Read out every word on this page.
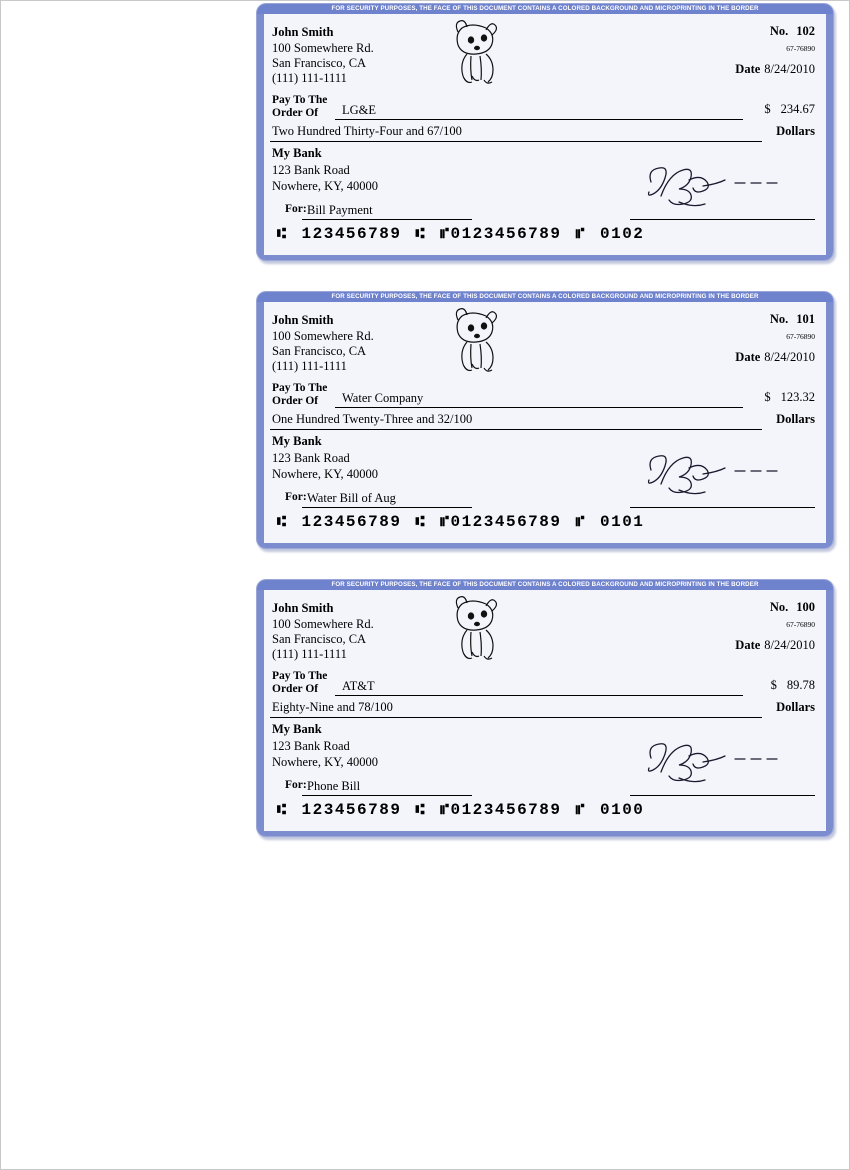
FOR SECURITY PURPOSES, THE FACE OF THIS DOCUMENT CONTAINS A COLORED BACKGROUND AND MICROPRINTING IN THE BORDER
John Smith
100 Somewhere Rd.
San Francisco, CA
(111) 111-1111
No. 102
67-76890
Date 8/24/2010
Pay To The
Order Of	LG&E	$ 234.67
Two Hundred Thirty-Four and 67/100	Dollars
My Bank
123 Bank Road
Nowhere, KY, 40000
For: Bill Payment
⑆ 123456789 ⑆ ⑈0123456789 ⑈ 0102
FOR SECURITY PURPOSES, THE FACE OF THIS DOCUMENT CONTAINS A COLORED BACKGROUND AND MICROPRINTING IN THE BORDER
John Smith
100 Somewhere Rd.
San Francisco, CA
(111) 111-1111
No. 101
67-76890
Date 8/24/2010
Pay To The
Order Of	Water Company	$ 123.32
One Hundred Twenty-Three and 32/100	Dollars
My Bank
123 Bank Road
Nowhere, KY, 40000
For: Water Bill of Aug
⑆ 123456789 ⑆ ⑈0123456789 ⑈ 0101
FOR SECURITY PURPOSES, THE FACE OF THIS DOCUMENT CONTAINS A COLORED BACKGROUND AND MICROPRINTING IN THE BORDER
John Smith
100 Somewhere Rd.
San Francisco, CA
(111) 111-1111
No. 100
67-76890
Date 8/24/2010
Pay To The
Order Of	AT&T	$ 89.78
Eighty-Nine and 78/100	Dollars
My Bank
123 Bank Road
Nowhere, KY, 40000
For: Phone Bill
⑆ 123456789 ⑆ ⑈0123456789 ⑈ 0100
